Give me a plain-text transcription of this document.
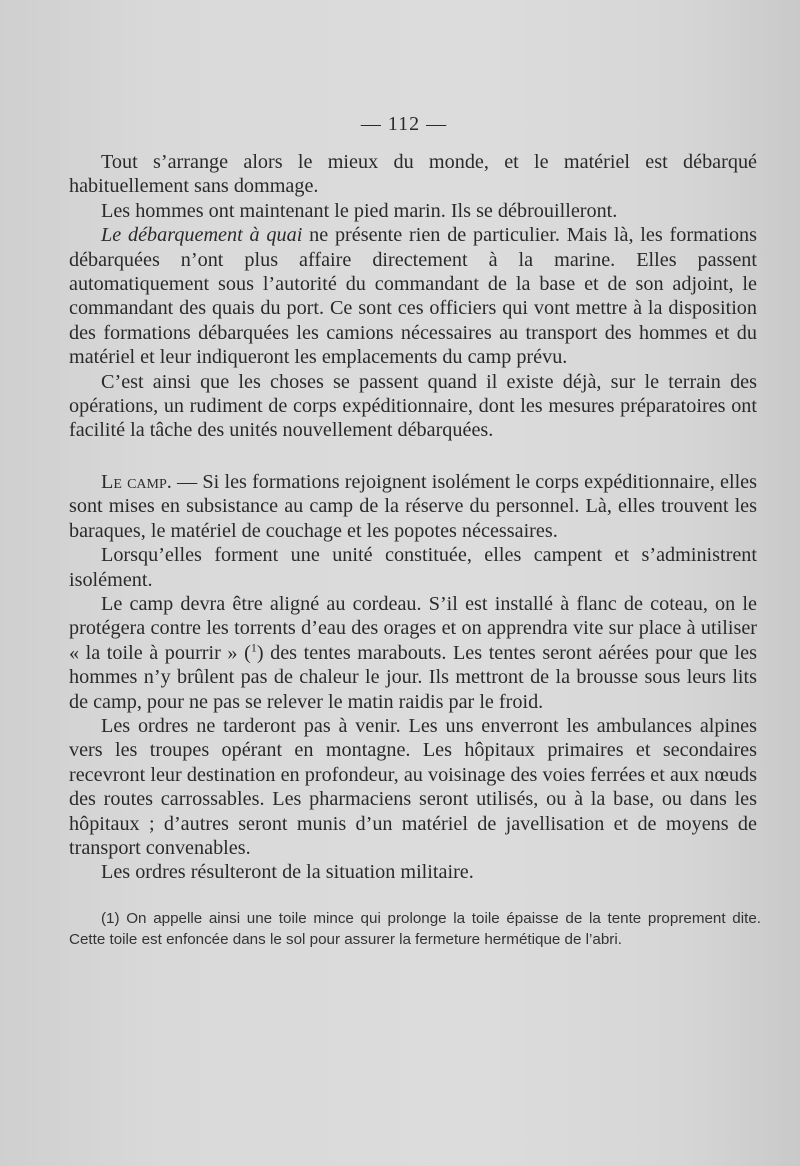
— 112 —

Tout s’arrange alors le mieux du monde, et le matériel est débarqué habituellement sans dommage.

Les hommes ont maintenant le pied marin. Ils se débrouilleront.

Le débarquement à quai ne présente rien de particulier. Mais là, les formations débarquées n’ont plus affaire directement à la marine. Elles passent automatiquement sous l’autorité du commandant de la base et de son adjoint, le commandant des quais du port. Ce sont ces officiers qui vont mettre à la disposition des formations débarquées les camions nécessaires au transport des hommes et du matériel et leur indiqueront les emplacements du camp prévu.

C’est ainsi que les choses se passent quand il existe déjà, sur le terrain des opérations, un rudiment de corps expéditionnaire, dont les mesures préparatoires ont facilité la tâche des unités nouvellement débarquées.

Le camp. — Si les formations rejoignent isolément le corps expéditionnaire, elles sont mises en subsistance au camp de la réserve du personnel. Là, elles trouvent les baraques, le matériel de couchage et les popotes nécessaires.

Lorsqu’elles forment une unité constituée, elles campent et s’administrent isolément.

Le camp devra être aligné au cordeau. S’il est installé à flanc de coteau, on le protégera contre les torrents d’eau des orages et on apprendra vite sur place à utiliser « la toile à pourrir » ($^1$) des tentes marabouts. Les tentes seront aérées pour que les hommes n’y brûlent pas de chaleur le jour. Ils mettront de la brousse sous leurs lits de camp, pour ne pas se relever le matin raidis par le froid.

Les ordres ne tarderont pas à venir. Les uns enverront les ambulances alpines vers les troupes opérant en montagne. Les hôpitaux primaires et secondaires recevront leur destination en profondeur, au voisinage des voies ferrées et aux nœuds des routes carrossables. Les pharmaciens seront utilisés, ou à la base, ou dans les hôpitaux ; d’autres seront munis d’un matériel de javellisation et de moyens de transport convenables.

Les ordres résulteront de la situation militaire.

(1) On appelle ainsi une toile mince qui prolonge la toile épaisse de la tente proprement dite. Cette toile est enfoncée dans le sol pour assurer la fermeture hermétique de l’abri.
